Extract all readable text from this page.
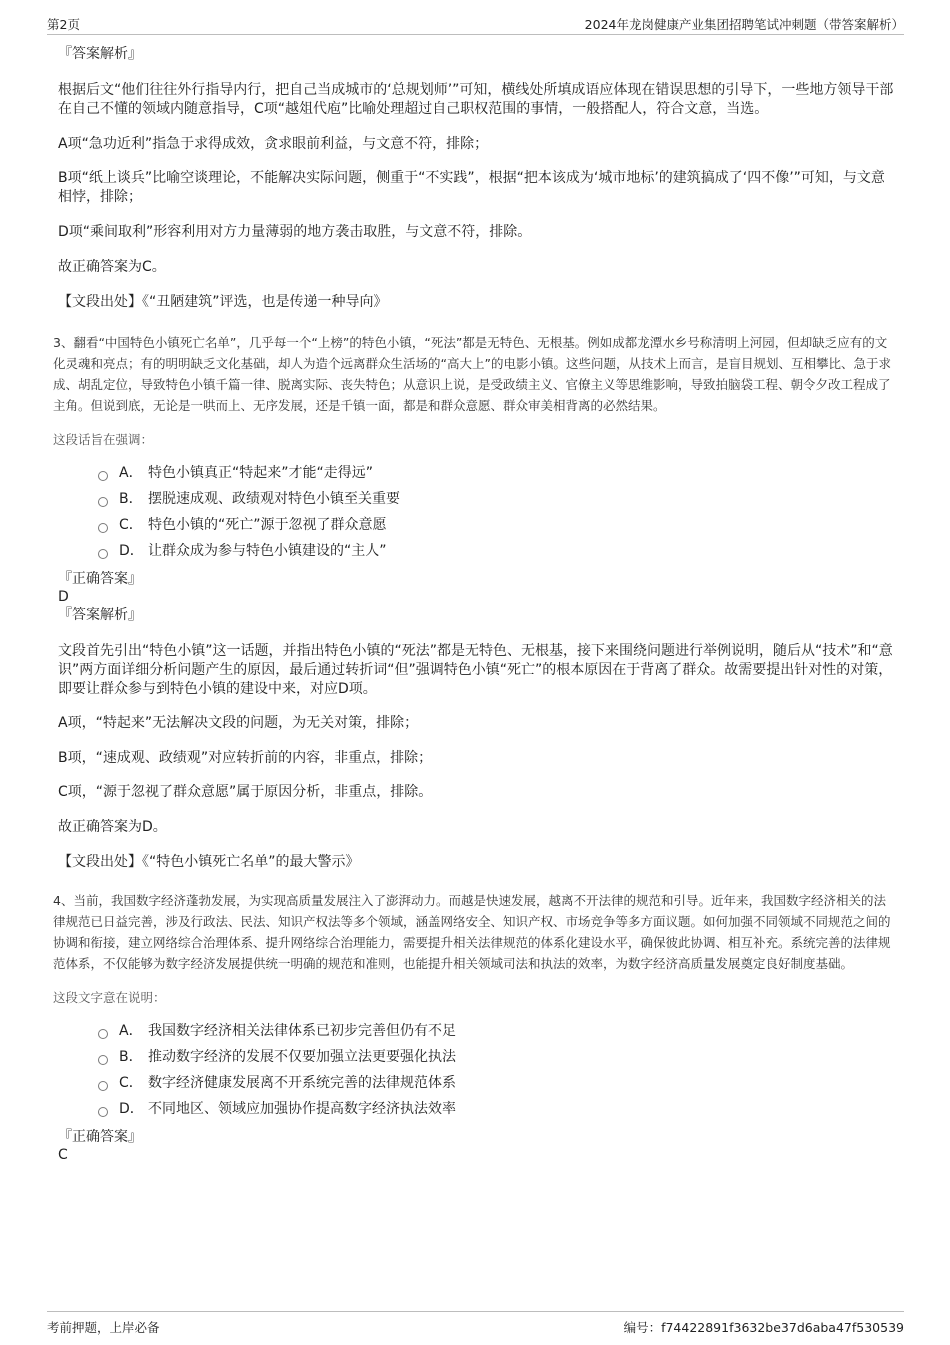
第2页	2024年龙岗健康产业集团招聘笔试冲刺题（带答案解析）

『答案解析』

根据后文“他们往往外行指导内行，把自己当成城市的‘总规划师’”可知，横线处所填成语应体现在错误思想的引导下，一些地方领导干部在自己不懂的领域内随意指导，C项“越俎代庖”比喻处理超过自己职权范围的事情，一般搭配人，符合文意，当选。

A项“急功近利”指急于求得成效，贪求眼前利益，与文意不符，排除；

B项“纸上谈兵”比喻空谈理论，不能解决实际问题，侧重于“不实践”，根据“把本该成为‘城市地标’的建筑搞成了‘四不像’”可知，与文意相悖，排除；

D项“乘间取利”形容利用对方力量薄弱的地方袭击取胜，与文意不符，排除。

故正确答案为C。

【文段出处】《“丑陋建筑”评选，也是传递一种导向》

3、翻看“中国特色小镇死亡名单”，几乎每一个“上榜”的特色小镇，“死法”都是无特色、无根基。例如成都龙潭水乡号称清明上河园，但却缺乏应有的文化灵魂和亮点；有的明明缺乏文化基础，却人为造个远离群众生活场的“高大上”的电影小镇。这些问题，从技术上而言，是盲目规划、互相攀比、急于求成、胡乱定位，导致特色小镇千篇一律、脱离实际、丧失特色；从意识上说，是受政绩主义、官僚主义等思维影响，导致拍脑袋工程、朝令夕改工程成了主角。但说到底，无论是一哄而上、无序发展，还是千镇一面，都是和群众意愿、群众审美相背离的必然结果。

这段话旨在强调：

A． 特色小镇真正“特起来”才能“走得远”
B． 摆脱速成观、政绩观对特色小镇至关重要
C． 特色小镇的“死亡”源于忽视了群众意愿
D． 让群众成为参与特色小镇建设的“主人”

『正确答案』

D

『答案解析』

文段首先引出“特色小镇”这一话题，并指出特色小镇的“死法”都是无特色、无根基，接下来围绕问题进行举例说明，随后从“技术”和“意识”两方面详细分析问题产生的原因，最后通过转折词“但”强调特色小镇“死亡”的根本原因在于背离了群众。故需要提出针对性的对策，即要让群众参与到特色小镇的建设中来，对应D项。

A项，“特起来”无法解决文段的问题，为无关对策，排除；

B项，“速成观、政绩观”对应转折前的内容，非重点，排除；

C项，“源于忽视了群众意愿”属于原因分析，非重点，排除。

故正确答案为D。

【文段出处】《“特色小镇死亡名单”的最大警示》

4、当前，我国数字经济蓬勃发展，为实现高质量发展注入了澎湃动力。而越是快速发展，越离不开法律的规范和引导。近年来，我国数字经济相关的法律规范已日益完善，涉及行政法、民法、知识产权法等多个领域，涵盖网络安全、知识产权、市场竞争等多方面议题。如何加强不同领域不同规范之间的协调和衔接，建立网络综合治理体系、提升网络综合治理能力，需要提升相关法律规范的体系化建设水平，确保彼此协调、相互补充。系统完善的法律规范体系，不仅能够为数字经济发展提供统一明确的规范和准则，也能提升相关领域司法和执法的效率，为数字经济高质量发展奠定良好制度基础。

这段文字意在说明：

A． 我国数字经济相关法律体系已初步完善但仍有不足
B． 推动数字经济的发展不仅要加强立法更要强化执法
C． 数字经济健康发展离不开系统完善的法律规范体系
D． 不同地区、领域应加强协作提高数字经济执法效率

『正确答案』

C

考前押题，上岸必备	编号：f74422891f3632be37d6aba47f530539
